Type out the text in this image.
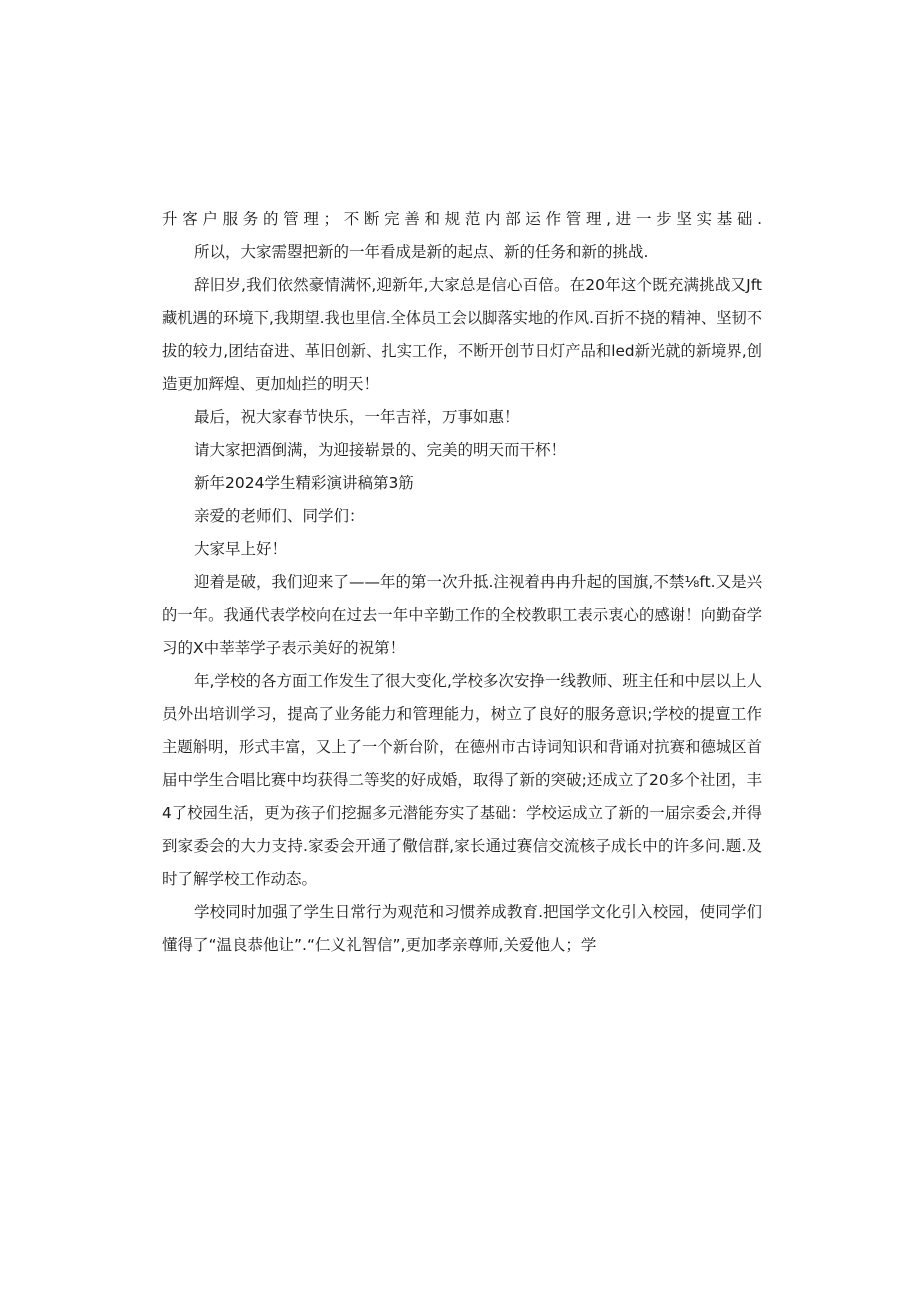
升客户服务的管理；不断完善和规范内部运作管理,进一步坚实基础.
所以，大家需曌把新的一年看成是新的起点、新的任务和新的挑战.
辞旧岁,我们依然豪情满怀,迎新年,大家总是信心百倍。在20年这个既充满挑战又Jft
藏机遇的环境下,我期望.我也里信.全体员工会以脚落实地的作风.百折不挠的精神、坚韧不
拔的较力,团结奋进、革旧创新、扎实工作，不断开创节日灯产品和led新光就的新境界,创
造更加辉煌、更加灿拦的明天！
最后，祝大家春节快乐，一年吉祥，万事如惠！
请大家把酒倒满，为迎接崭景的、完美的明天而干杯！
新年2024学生精彩演讲稿第3筋
亲爱的老师们、同学们：
大家早上好！
迎着是破，我们迎来了——年的第一次升抵.注视着冉冉升起的国旗,不禁⅛ft.又是兴
的一年。我通代表学校向在过去一年中辛勤工作的全校教职工表示衷心的感谢！向勤奋学
习的X中莘莘学子表示美好的祝第！
年,学校的各方面工作发生了很大变化,学校多次安挣一线教师、班主任和中层以上人
员外出培训学习，提高了业务能力和管理能力，树立了良好的服务意识;学校的提亶工作
主题斛明，形式丰富，又上了一个新台阶，在德州市古诗词知识和背诵对抗赛和德城区首
届中学生合唱比赛中均获得二等奖的好成婚，取得了新的突破;还成立了20多个社团，丰
4了校园生活，更为孩子们挖掘多元潜能夯实了基础：学校运成立了新的一届宗委会,并得
到家委会的大力支持.家委会开通了儆信群,家长通过赛信交流核子成长中的许多问.题.及
时了解学校工作动态。
学校同时加强了学生日常行为观范和习惯养成教育.把国学文化引入校园，使同学们
懂得了“温良恭他让”.“仁义礼智信”,更加孝亲尊师,关爱他人；学
